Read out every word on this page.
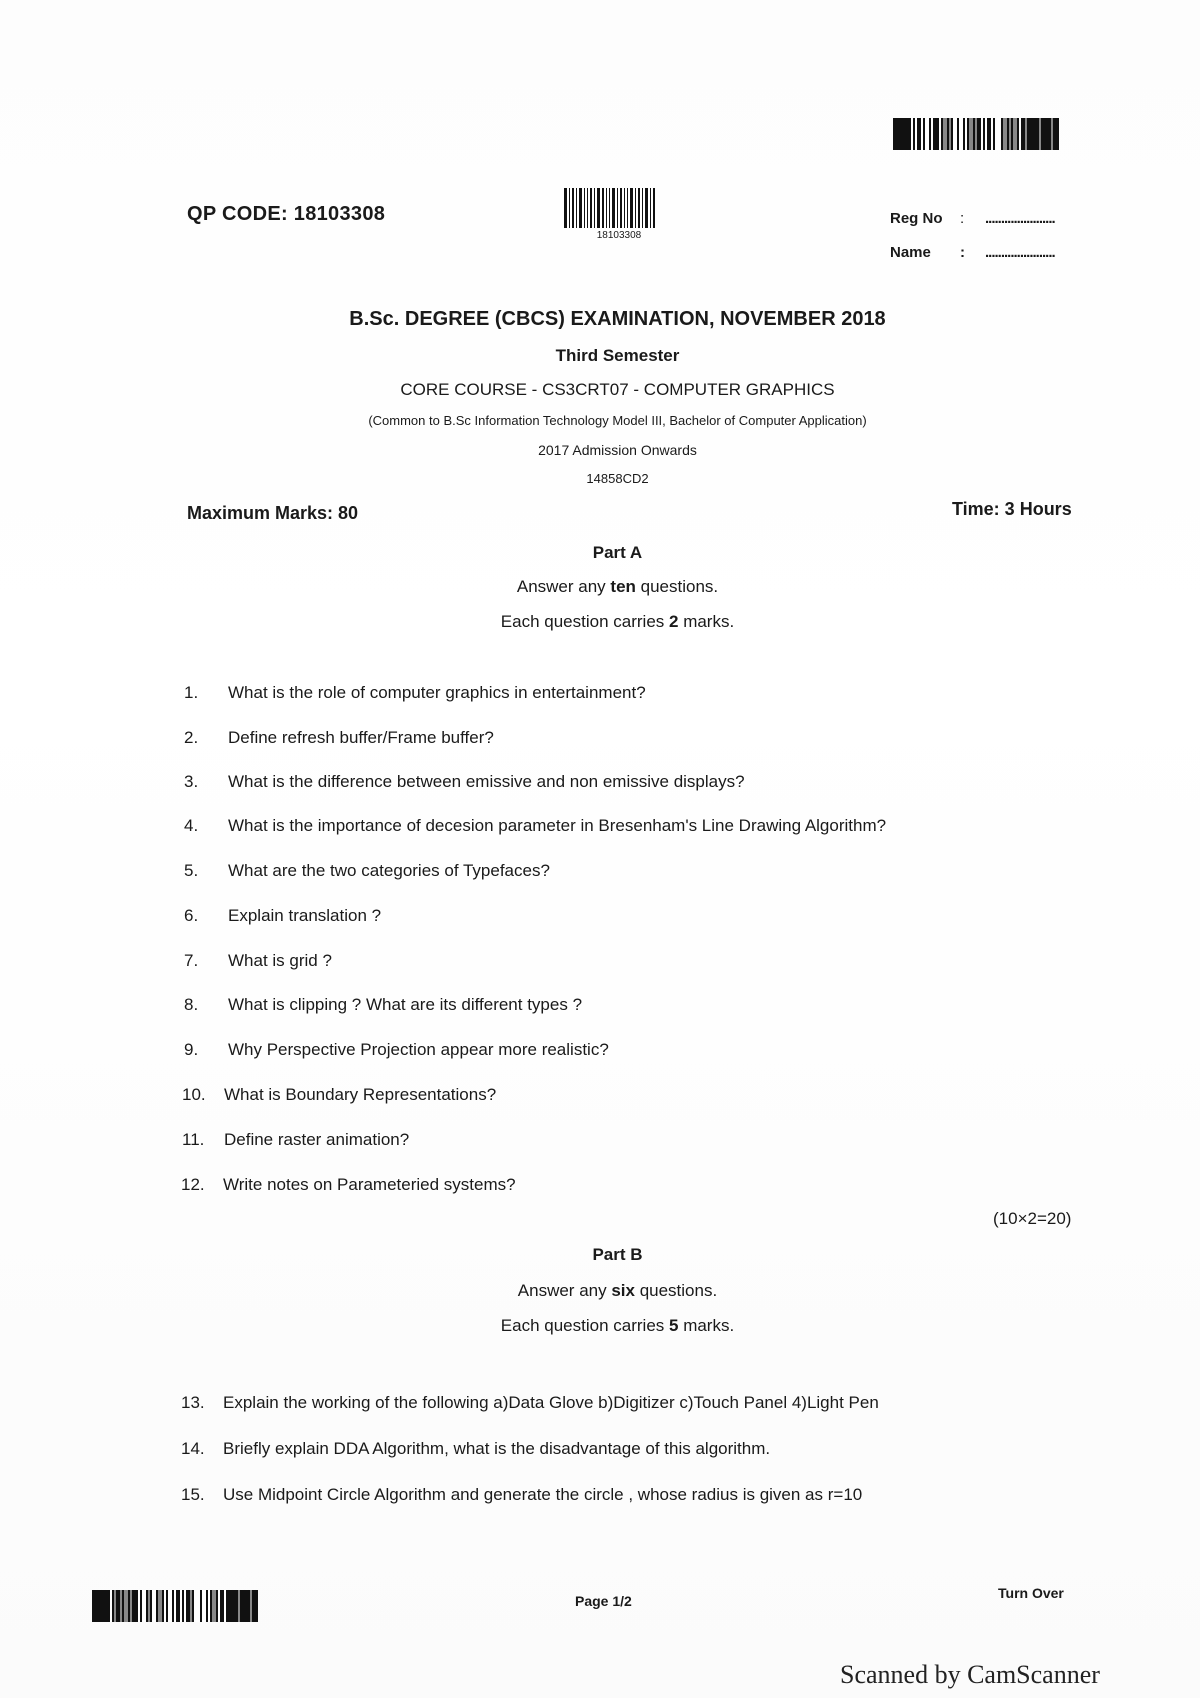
QP CODE: 18103308
18103308
Reg No : ......................
Name : ......................
B.Sc. DEGREE (CBCS) EXAMINATION, NOVEMBER 2018
Third Semester
CORE COURSE - CS3CRT07 - COMPUTER GRAPHICS
(Common to B.Sc Information Technology Model III, Bachelor of Computer Application)
2017 Admission Onwards
14858CD2
Maximum Marks: 80	Time: 3 Hours
Part A
Answer any ten questions.
Each question carries 2 marks.
1. What is the role of computer graphics in entertainment?
2. Define refresh buffer/Frame buffer?
3. What is the difference between emissive and non emissive displays?
4. What is the importance of decesion parameter in Bresenham's Line Drawing Algorithm?
5. What are the two categories of Typefaces?
6. Explain translation ?
7. What is grid ?
8. What is clipping ? What are its different types ?
9. Why Perspective Projection appear more realistic?
10. What is Boundary Representations?
11. Define raster animation?
12. Write notes on Parameteried systems?
(10×2=20)
Part B
Answer any six questions.
Each question carries 5 marks.
13. Explain the working of the following a)Data Glove b)Digitizer c)Touch Panel 4)Light Pen
14. Briefly explain DDA Algorithm, what is the disadvantage of this algorithm.
15. Use Midpoint Circle Algorithm and generate the circle , whose radius is given as r=10
Page 1/2	Turn Over
Scanned by CamScanner
